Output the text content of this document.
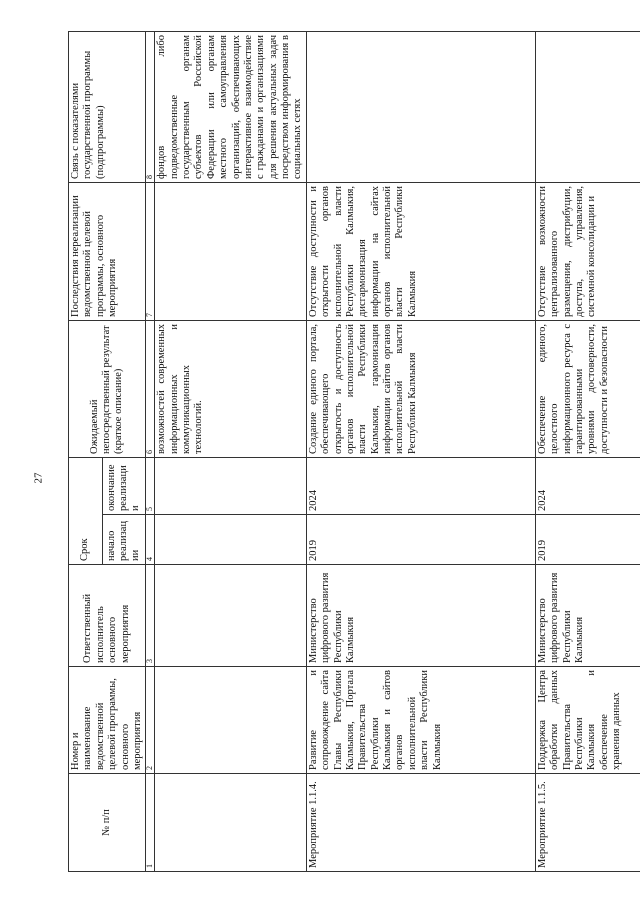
27
№ п/п	Номер и наименование ведомственной целевой программы, основного мероприятия	Ответственный исполнитель основного мероприятия	Срок		Ожидаемый непосредственный результат (краткое описание)	Последствия нереализации ведомственной целевой программы, основного мероприятия	Связь с показателями государственной программы (подпрограммы)
			начало реализации	окончание реализации			
1	2	3	4	5	6	7	8
					возможностей современных информационных и коммуникационных технологий.		фондов либо подведомственные государственным органам субъектов Российской Федерации или органам местного самоуправления организаций, обеспечивающих интерактивное взаимодействие с гражданами и организациями для решения актуальных задач посредством информирования в социальных сетях
Мероприятие 1.1.4.	Развитие и сопровождение сайта Главы Республики Калмыкия, Портала Правительства Республики Калмыкия и сайтов органов исполнительной власти Республики Калмыкия	Министерство цифрового развития Республики Калмыкия	2019	2024	Создание единого портала, обеспечивающего открытость и доступность органов исполнительной власти Республики Калмыкия, гармонизация информации сайтов органов исполнительной власти Республики Калмыкия	Отсутствие доступности и открытости органов исполнительной власти Республики Калмыкия, дисгармонизация информации на сайтах органов исполнительной власти Республики Калмыкия	
Мероприятие 1.1.5.	Поддержка Центра обработки данных Правительства Республики Калмыкия и обеспечение хранения данных	Министерство цифрового развития Республики Калмыкия	2019	2024	Обеспечение единого, целостного информационного ресурса с гарантированными уровнями достоверности, доступности и безопасности	Отсутствие возможности централизованного размещения, дистрибуции, доступа, управления, системной консолидации и	
